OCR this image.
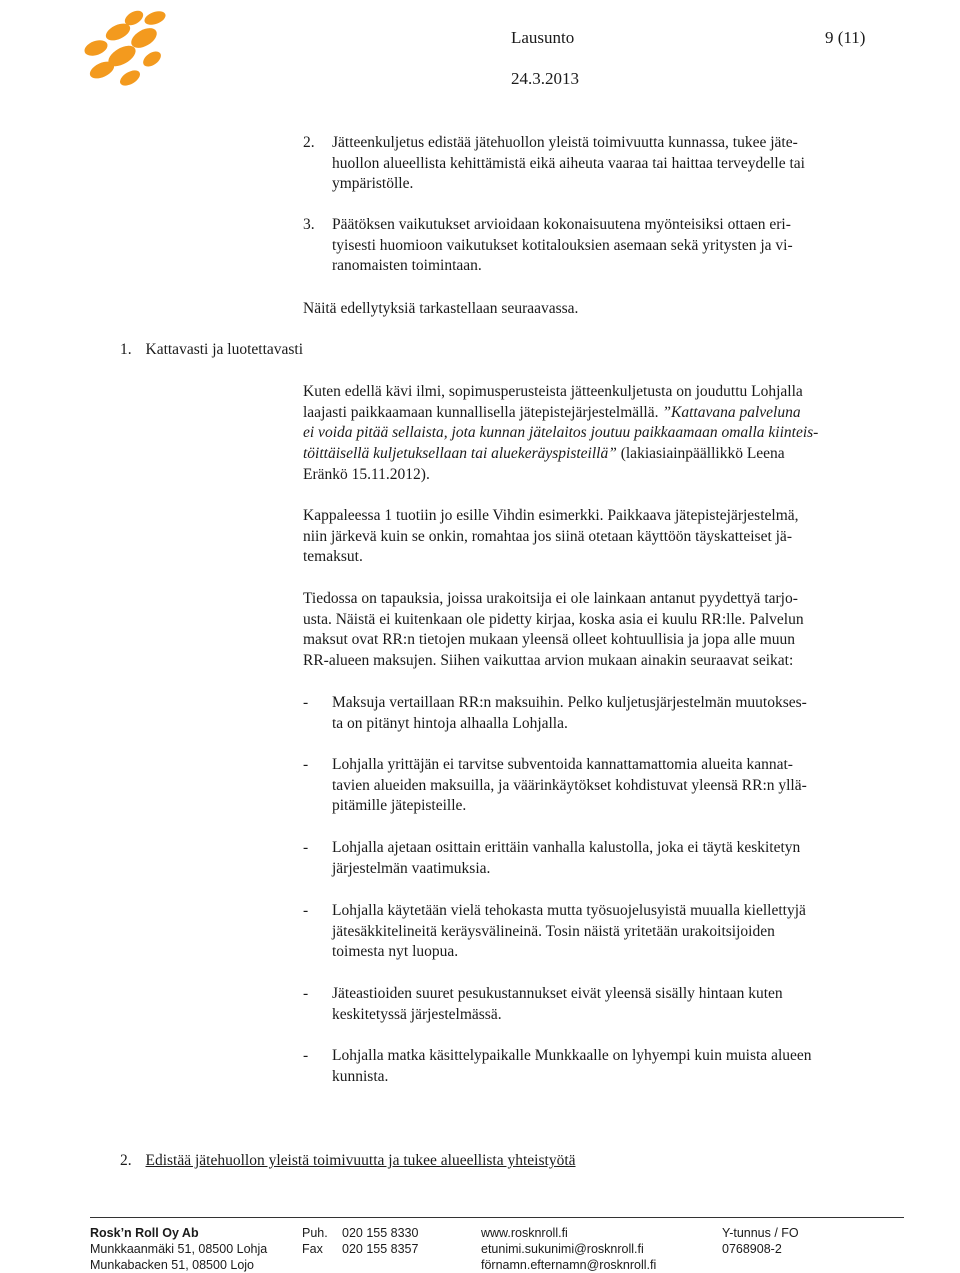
Lausunto	9 (11)
24.3.2013
2. Jätteenkuljetus edistää jätehuollon yleistä toimivuutta kunnassa, tukee jäte-
huollon alueellista kehittämistä eikä aiheuta vaaraa tai haittaa terveydelle tai
ympäristölle.
3. Päätöksen vaikutukset arvioidaan kokonaisuutena myönteisiksi ottaen eri-
tyisesti huomioon vaikutukset kotitalouksien asemaan sekä yritysten ja vi-
ranomaisten toimintaan.
Näitä edellytyksiä tarkastellaan seuraavassa.
1. Kattavasti ja luotettavasti
Kuten edellä kävi ilmi, sopimusperusteista jätteenkuljetusta on jouduttu Lohjalla
laajasti paikkaamaan kunnallisella jätepistejärjestelmällä. ”Kattavana palveluna
ei voida pitää sellaista, jota kunnan jätelaitos joutuu paikkaamaan omalla kiinteis-
töittäisellä kuljetuksellaan tai aluekeräyspisteillä” (lakiasiainpäällikkö Leena
Eränkö 15.11.2012).
Kappaleessa 1 tuotiin jo esille Vihdin esimerkki. Paikkaava jätepistejärjestelmä,
niin järkevä kuin se onkin, romahtaa jos siinä otetaan käyttöön täyskatteiset jä-
temaksut.
Tiedossa on tapauksia, joissa urakoitsija ei ole lainkaan antanut pyydettyä tarjo-
usta. Näistä ei kuitenkaan ole pidetty kirjaa, koska asia ei kuulu RR:lle. Palvelun
maksut ovat RR:n tietojen mukaan yleensä olleet kohtuullisia ja jopa alle muun
RR-alueen maksujen. Siihen vaikuttaa arvion mukaan ainakin seuraavat seikat:
- Maksuja vertaillaan RR:n maksuihin. Pelko kuljetusjärjestelmän muutokses-
ta on pitänyt hintoja alhaalla Lohjalla.
- Lohjalla yrittäjän ei tarvitse subventoida kannattamattomia alueita kannat-
tavien alueiden maksuilla, ja väärinkäytökset kohdistuvat yleensä RR:n yllä-
pitämille jätepisteille.
- Lohjalla ajetaan osittain erittäin vanhalla kalustolla, joka ei täytä keskitetyn
järjestelmän vaatimuksia.
- Lohjalla käytetään vielä tehokasta mutta työsuojelusyistä muualla kiellettyjä
jätesäkkitelineitä keräysvälineinä. Tosin näistä yritetään urakoitsijoiden
toimesta nyt luopua.
- Jäteastioiden suuret pesukustannukset eivät yleensä sisälly hintaan kuten
keskitetyssä järjestelmässä.
- Lohjalla matka käsittelypaikalle Munkkaalle on lyhyempi kuin muista alueen
kunnista.
2. Edistää jätehuollon yleistä toimivuutta ja tukee alueellista yhteistyötä
Rosk’n Roll Oy Ab
Munkkaanmäki 51, 08500 Lohja
Munkabacken 51, 08500 Lojo
Puh. 020 155 8330
Fax 020 155 8357
www.rosknroll.fi
etunimi.sukunimi@rosknroll.fi
förnamn.efternamn@rosknroll.fi
Y-tunnus / FO
0768908-2
